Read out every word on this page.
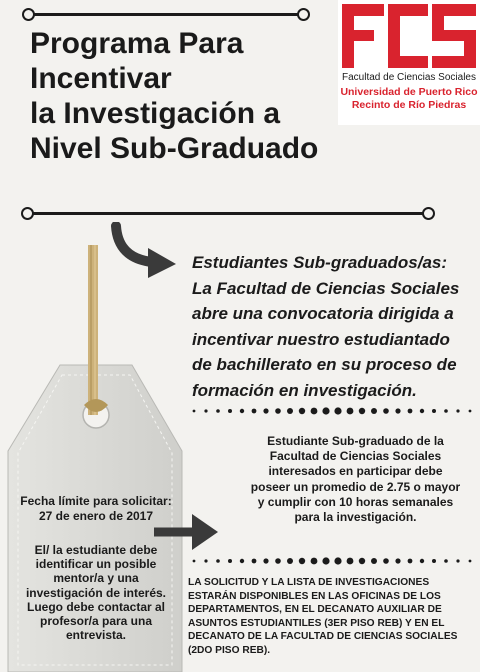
Programa Para
Incentivar
la Investigación a
Nivel Sub-Graduado
Facultad de Ciencias Sociales
Universidad de Puerto Rico
Recinto de Río Piedras
Estudiantes Sub-graduados/as: La Facultad de Ciencias Sociales abre una convocatoria dirigida a incentivar nuestro estudiantado de bachillerato en su proceso de formación en investigación.
Estudiante Sub-graduado de la Facultad de Ciencias Sociales interesados en participar debe poseer un promedio de 2.75 o mayor y cumplir con 10 horas semanales para la investigación.
Fecha límite para solicitar:
27 de enero de 2017
El/ la estudiante debe identificar un posible mentor/a y una investigación de interés. Luego debe contactar al profesor/a para una entrevista.
LA SOLICITUD Y LA LISTA DE INVESTIGACIONES ESTARÁN DISPONIBLES EN LAS OFICINAS DE LOS DEPARTAMENTOS, EN EL DECANATO AUXILIAR DE ASUNTOS ESTUDIANTILES (3ER PISO REB) Y EN EL DECANATO DE LA FACULTAD DE CIENCIAS SOCIALES (2DO PISO REB).
